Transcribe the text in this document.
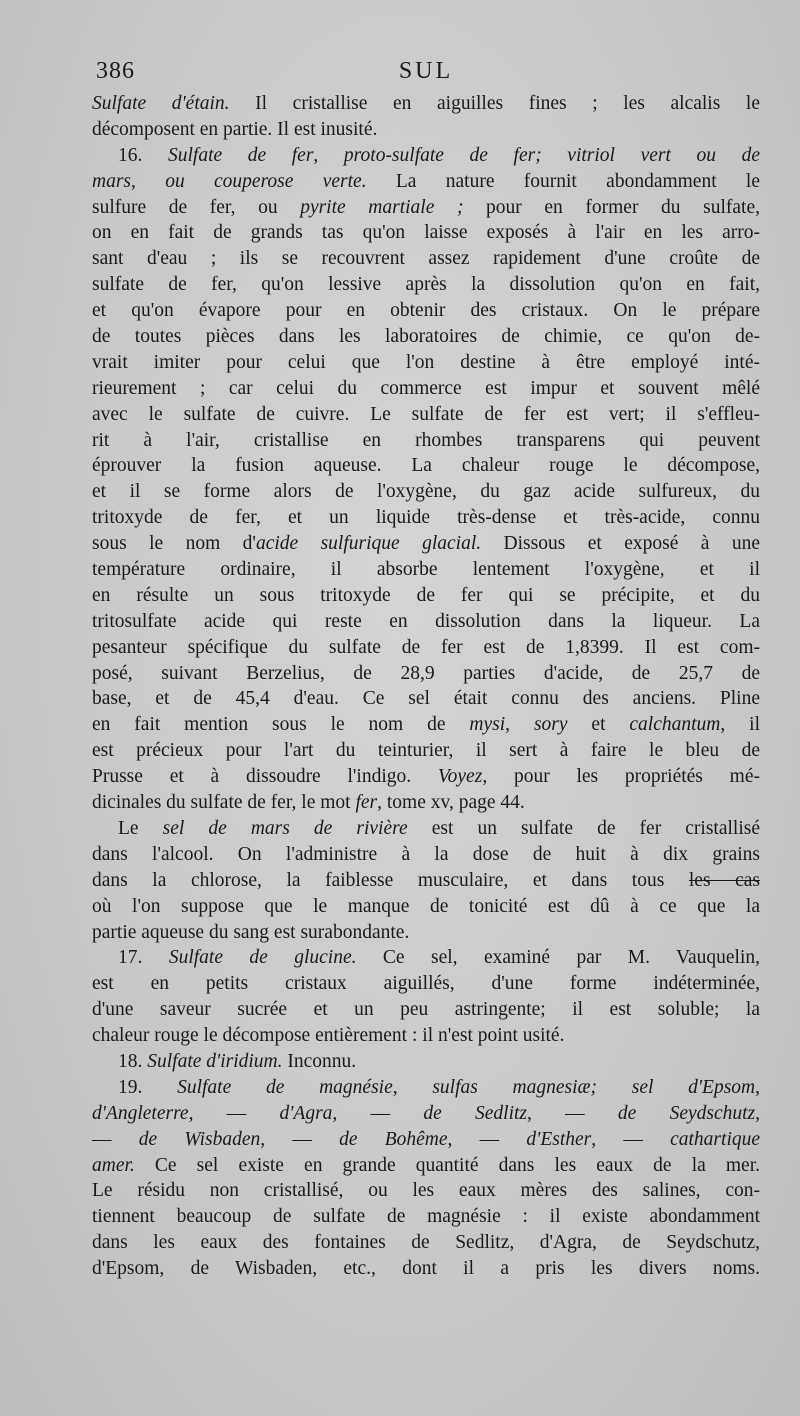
386	SUL
Sulfate d'étain. Il cristallise en aiguilles fines ; les alcalis le
décomposent en partie. Il est inusité.
16. Sulfate de fer, proto-sulfate de fer; vitriol vert ou de
mars, ou couperose verte. La nature fournit abondamment le
sulfure de fer, ou pyrite martiale ; pour en former du sulfate,
on en fait de grands tas qu'on laisse exposés à l'air en les arro-
sant d'eau ; ils se recouvrent assez rapidement d'une croûte de
sulfate de fer, qu'on lessive après la dissolution qu'on en fait,
et qu'on évapore pour en obtenir des cristaux. On le prépare
de toutes pièces dans les laboratoires de chimie, ce qu'on de-
vrait imiter pour celui que l'on destine à être employé inté-
rieurement ; car celui du commerce est impur et souvent mêlé
avec le sulfate de cuivre. Le sulfate de fer est vert; il s'efflеu-
rit à l'air, cristallise en rhombes transparens qui peuvent
éprouver la fusion aqueuse. La chaleur rouge le décompose,
et il se forme alors de l'oxygène, du gaz acide sulfureux, du
tritoxyde de fer, et un liquide très-dense et très-acide, connu
sous le nom d'acide sulfurique glacial. Dissous et exposé à une
température ordinaire, il absorbe lentement l'oxygène, et il
en résulte un sous tritoxyde de fer qui se précipite, et du
tritosulfate acide qui reste en dissolution dans la liqueur. La
pesanteur spécifique du sulfate de fer est de 1,8399. Il est com-
posé, suivant Berzelius, de 28,9 parties d'acide, de 25,7 de
base, et de 45,4 d'eau. Ce sel était connu des anciens. Pline
en fait mention sous le nom de mysi, sory et calchantum, il
est précieux pour l'art du teinturier, il sert à faire le bleu de
Prusse et à dissoudre l'indigo. Voyez, pour les propriétés mé-
dicinales du sulfate de fer, le mot fer, tome xv, page 44.
Le sel de mars de rivière est un sulfate de fer cristallisé
dans l'alcool. On l'administre à la dose de huit à dix grains
dans la chlorose, la faiblesse musculaire, et dans tous les cas
où l'on suppose que le manque de tonicité est dû à ce que la
partie aqueuse du sang est surabondante.
17. Sulfate de glucine. Ce sel, examiné par M. Vauquelin,
est en petits cristaux aiguillés, d'une forme indéterminée,
d'une saveur sucrée et un peu astringente; il est soluble; la
chaleur rouge le décompose entièrement : il n'est point usité.
18. Sulfate d'iridium. Inconnu.
19. Sulfate de magnésie, sulfas magnesiæ; sel d'Epsom,
d'Angleterre, — d'Agra, — de Sedlitz, — de Seydschutz,
— de Wisbaden, — de Bohême, — d'Esther, — cathartique
amer. Ce sel existe en grande quantité dans les eaux de la mer.
Le résidu non cristallisé, ou les eaux mères des salines, con-
tiennent beaucoup de sulfate de magnésie : il existe abondamment
dans les eaux des fontaines de Sedlitz, d'Agra, de Seydschutz,
d'Epsom, de Wisbaden, etc., dont il a pris les divers noms.
